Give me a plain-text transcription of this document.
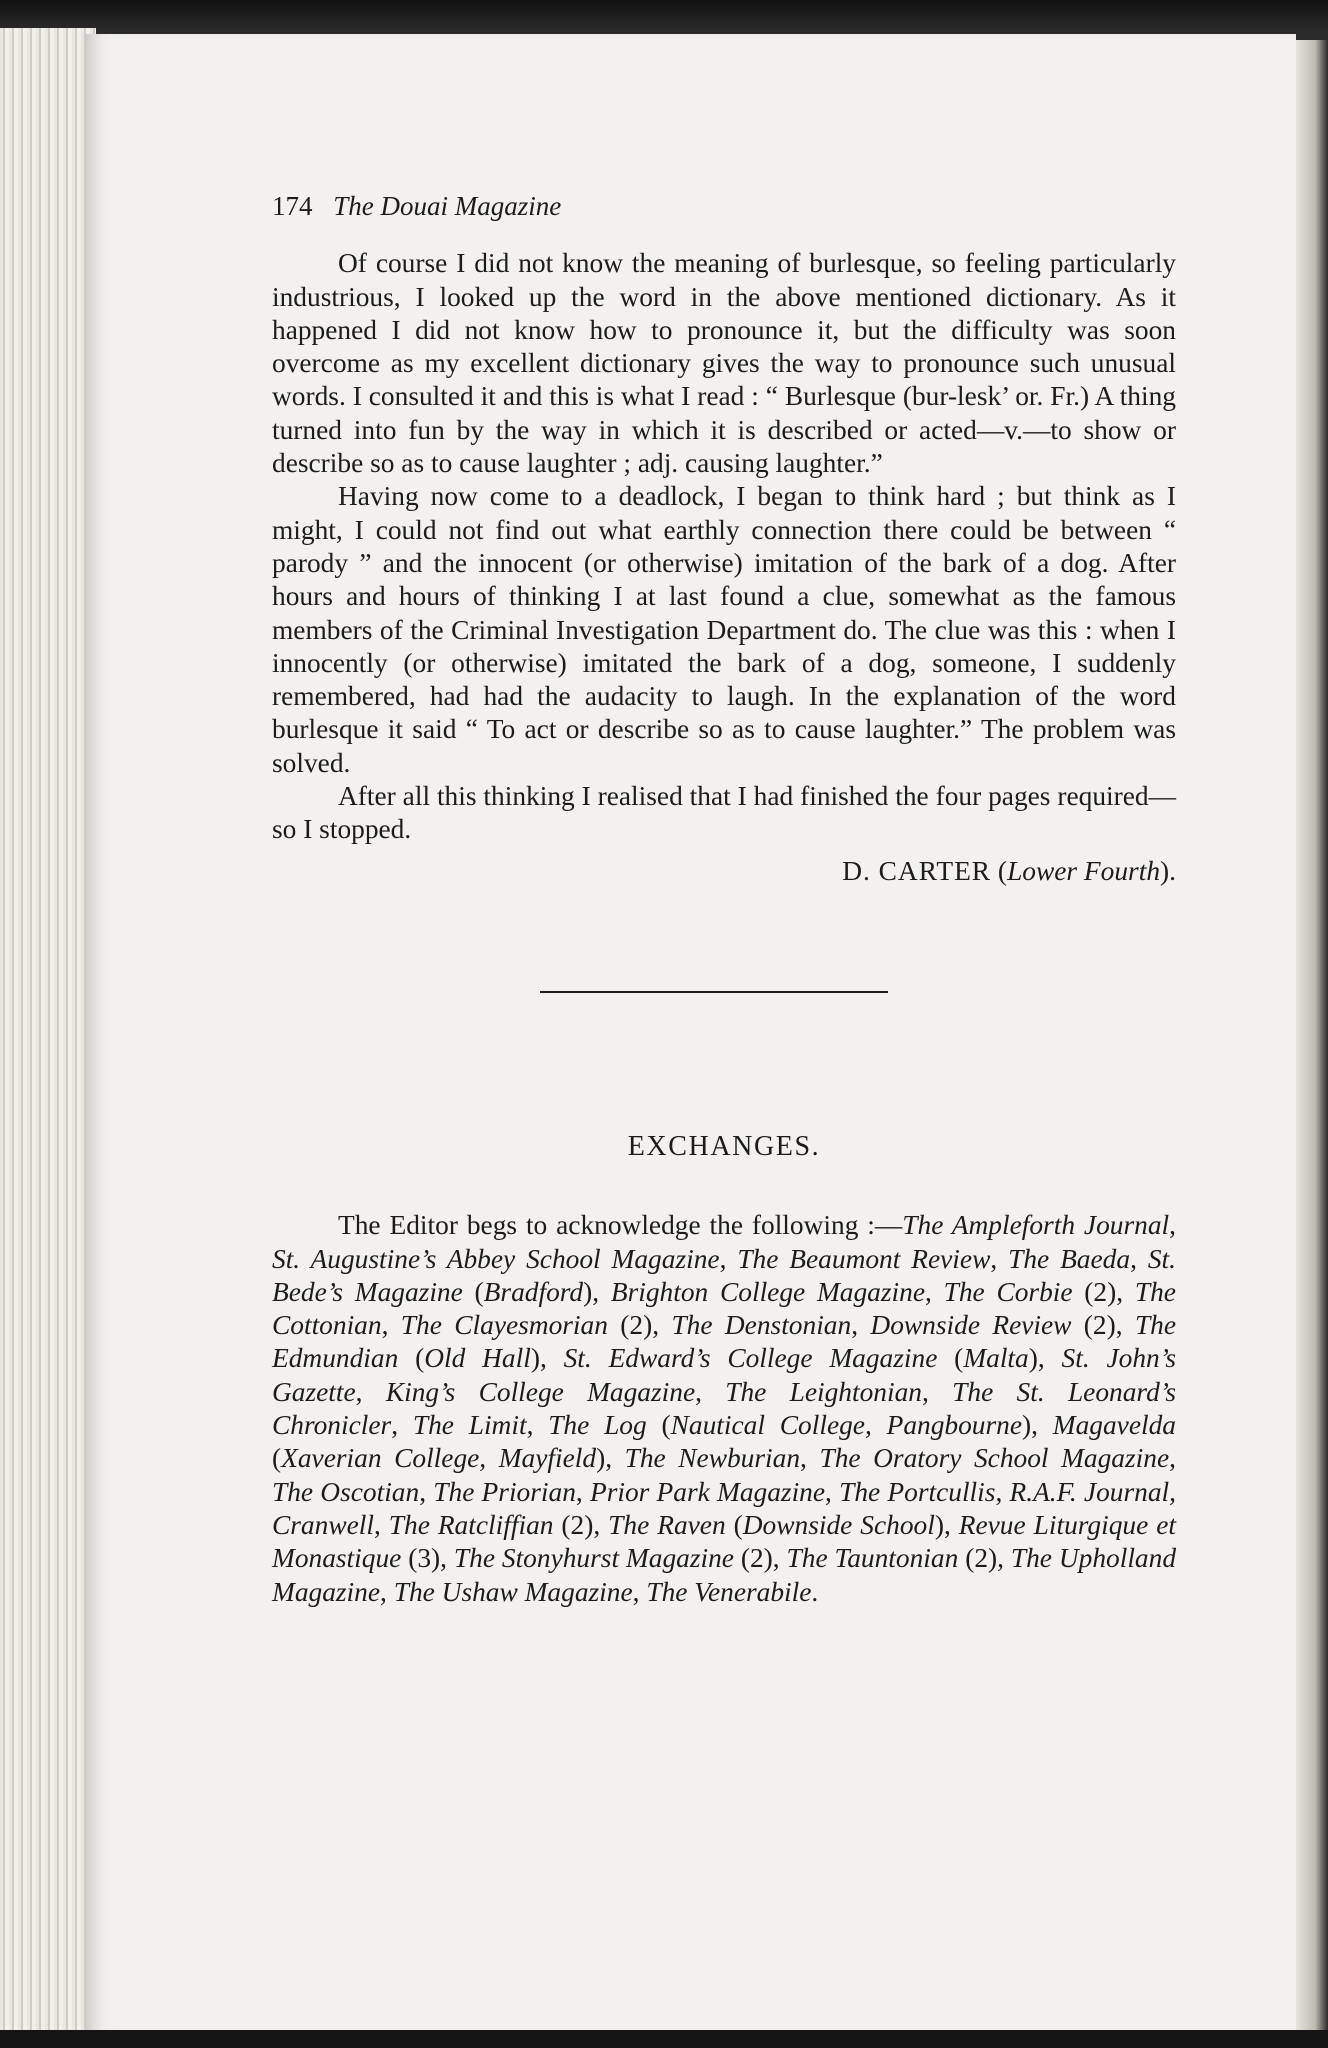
174 The Douai Magazine

Of course I did not know the meaning of burlesque, so feeling particularly industrious, I looked up the word in the above mentioned dictionary. As it happened I did not know how to pronounce it, but the difficulty was soon overcome as my excellent dictionary gives the way to pronounce such unusual words. I consulted it and this is what I read : “ Burlesque (bur-lesk’ or. Fr.) A thing turned into fun by the way in which it is described or acted—v.—to show or describe so as to cause laughter ; adj. causing laughter.”

Having now come to a deadlock, I began to think hard ; but think as I might, I could not find out what earthly connection there could be between “ parody ” and the innocent (or otherwise) imitation of the bark of a dog. After hours and hours of thinking I at last found a clue, somewhat as the famous members of the Criminal Investigation Department do. The clue was this : when I innocently (or otherwise) imitated the bark of a dog, someone, I suddenly remembered, had had the audacity to laugh. In the explanation of the word burlesque it said “ To act or describe so as to cause laughter.” The problem was solved.

After all this thinking I realised that I had finished the four pages required—so I stopped.

D. CARTER (Lower Fourth).
EXCHANGES.

The Editor begs to acknowledge the following :—The Ampleforth Journal, St. Augustine’s Abbey School Magazine, The Beaumont Review, The Baeda, St. Bede’s Magazine (Bradford), Brighton College Magazine, The Corbie (2), The Cottonian, The Clayesmorian (2), The Denstonian, Downside Review (2), The Edmundian (Old Hall), St. Edward’s College Magazine (Malta), St. John’s Gazette, King’s College Magazine, The Leightonian, The St. Leonard’s Chronicler, The Limit, The Log (Nautical College, Pangbourne), Magavelda (Xaverian College, Mayfield), The Newburian, The Oratory School Magazine, The Oscotian, The Priorian, Prior Park Magazine, The Portcullis, R.A.F. Journal, Cranwell, The Ratcliffian (2), The Raven (Downside School), Revue Liturgique et Monastique (3), The Stonyhurst Magazine (2), The Tauntonian (2), The Upholland Magazine, The Ushaw Magazine, The Venerabile.
